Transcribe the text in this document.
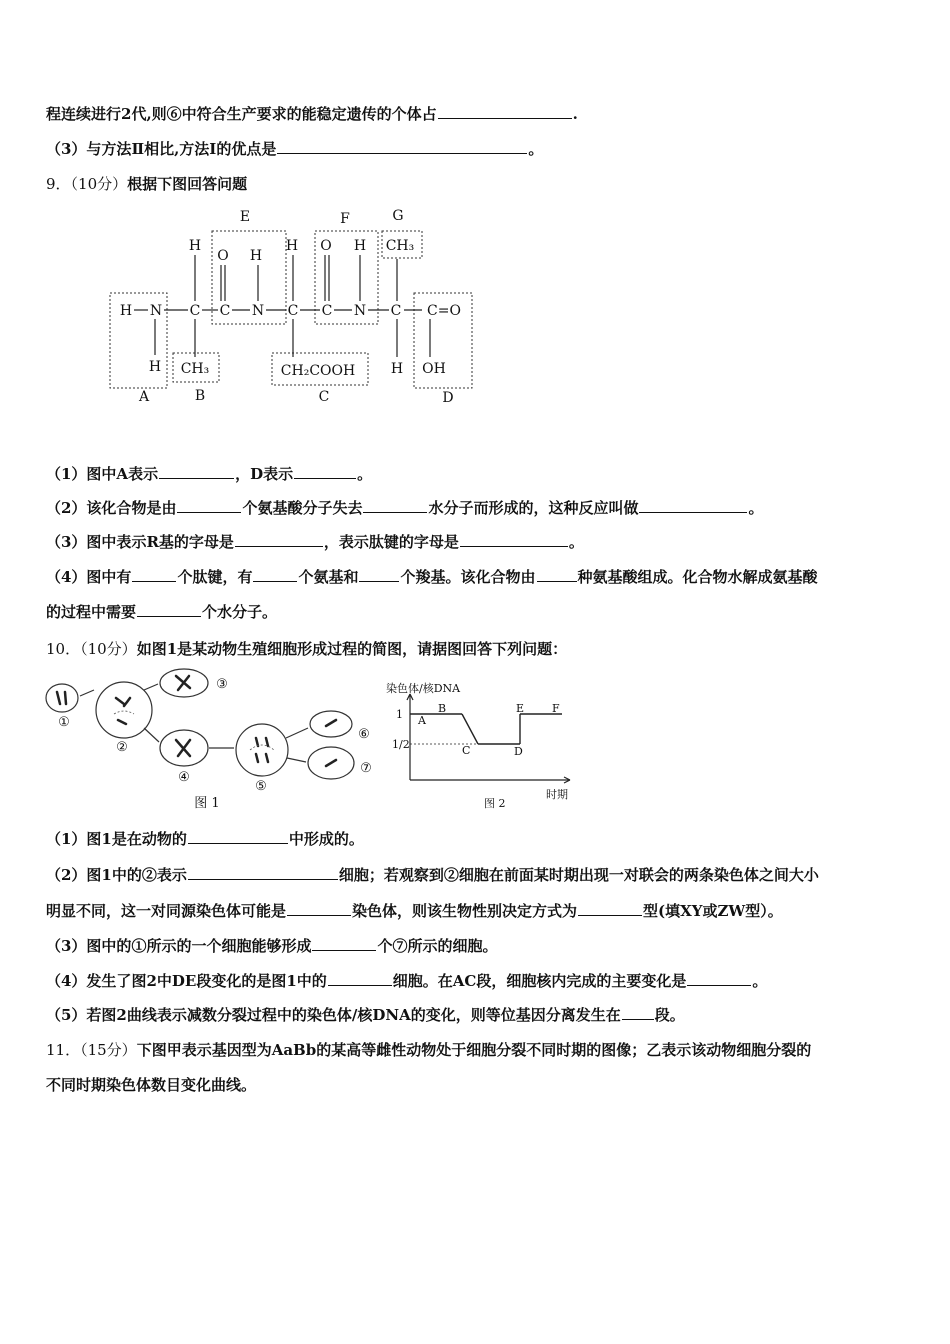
程连续进行2代,则⑥中符合生产要求的能稳定遗传的个体占	.
（3）与方法Ⅱ相比,方法Ⅰ的优点是	。
9．（10分）根据下图回答问题
E	F	G
A	B	C	D
H N
H
H
C
CH₃
O H
C N
H
C
CH₂COOH
O H
C N
CH₃
C
H
C=O
OH
（1）图中A表示	，D表示	。
（2）该化合物是由	个氨基酸分子失去	水分子而形成的，这种反应叫做	。
（3）图中表示R基的字母是	，表示肽键的字母是	。
（4）图中有	个肽键，有	个氨基和	个羧基。该化合物由	种氨基酸组成。化合物水解成氨基酸
的过程中需要	个水分子。
10．（10分）如图1是某动物生殖细胞形成过程的简图，请据图回答下列问题：
①
②
③
④
⑤
⑥
⑦
图 1
染色体/核DNA
时期
1
1/2
A
B
C	D
E	F
图 2
（1）图1是在动物的	中形成的。
（2）图1中的②表示	细胞；若观察到②细胞在前面某时期出现一对联会的两条染色体之间大小
明显不同，这一对同源染色体可能是	染色体，则该生物性别决定方式为	型(填XY或ZW型）。
（3）图中的①所示的一个细胞能够形成	个⑦所示的细胞。
（4）发生了图2中DE段变化的是图1中的	细胞。在AC段，细胞核内完成的主要变化是	。
（5）若图2曲线表示减数分裂过程中的染色体/核DNA的变化，则等位基因分离发生在 段。
11．（15分）下图甲表示基因型为AaBb的某高等雌性动物处于细胞分裂不同时期的图像；乙表示该动物细胞分裂的
不同时期染色体数目变化曲线。
